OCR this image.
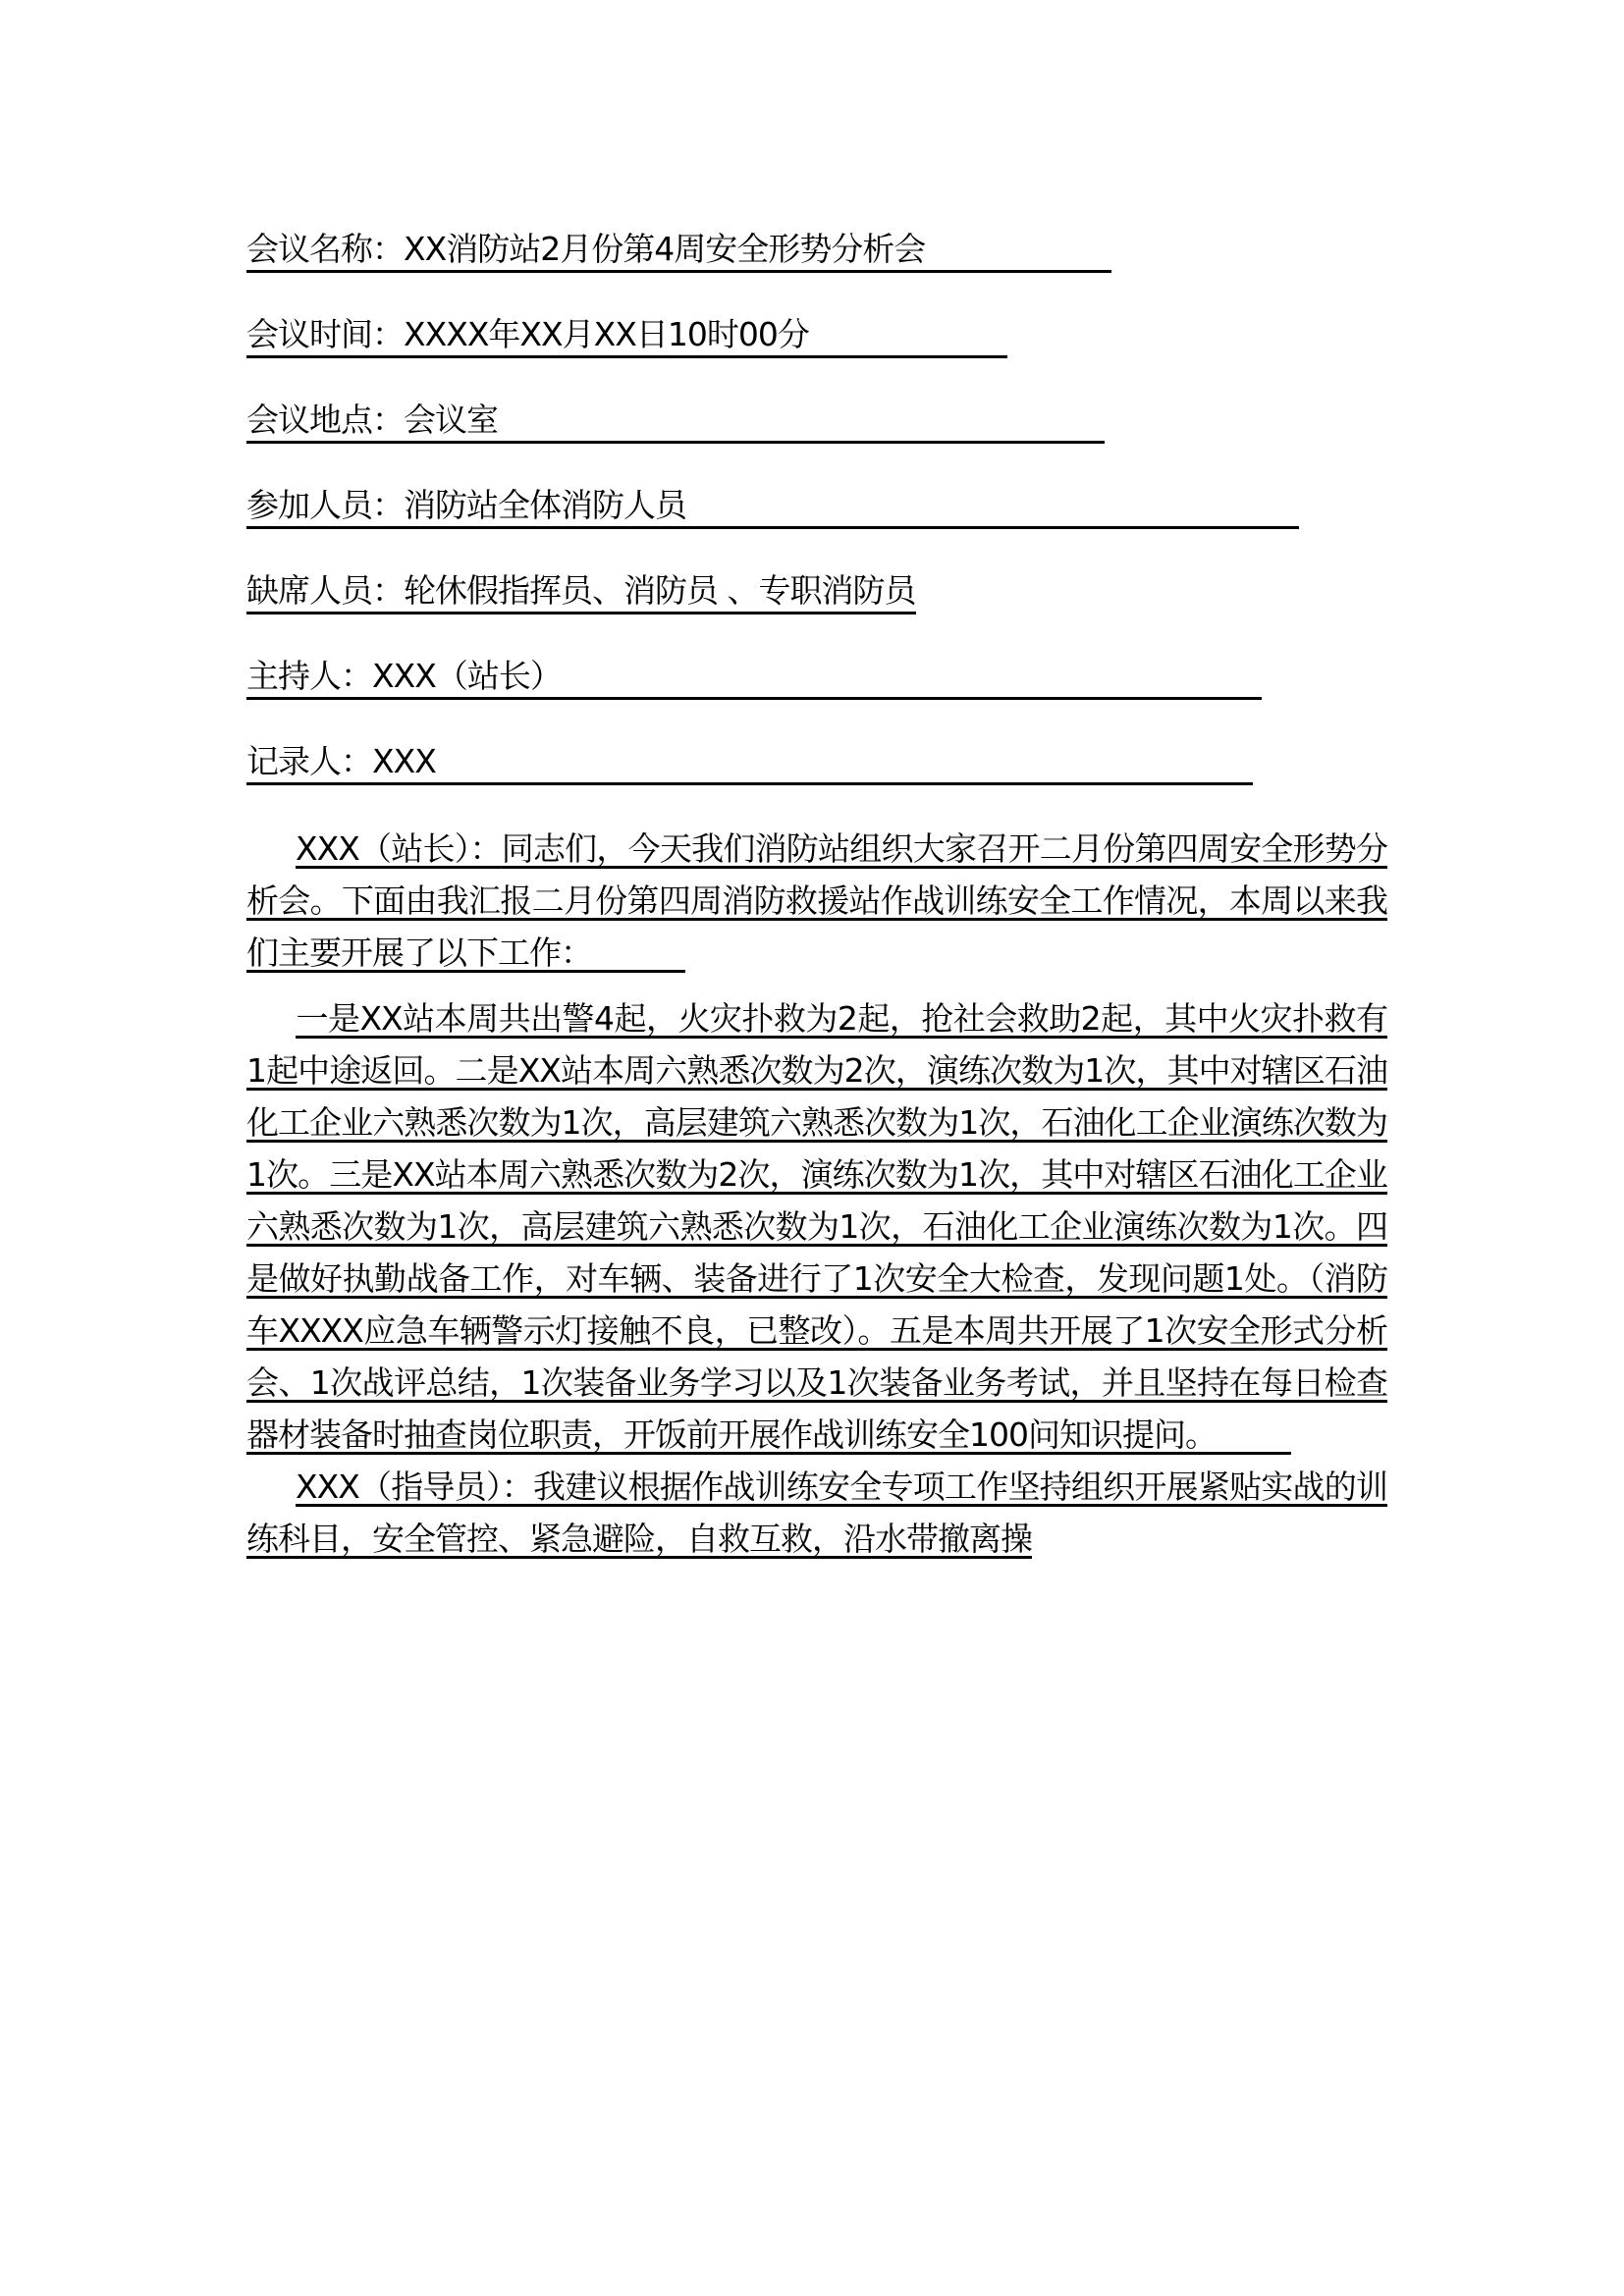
会议名称：XX消防站2月份第4周安全形势分析会
会议时间：XXXX年XX月XX日10时00分
会议地点：会议室
参加人员：消防站全体消防人员
缺席人员：轮休假指挥员、消防员 、专职消防员
主持人：XXX（站长）
记录人：XXX

XXX（站长）：同志们，今天我们消防站组织大家召开二月份第四周安全形势分析会。下面由我汇报二月份第四周消防救援站作战训练安全工作情况，本周以来我们主要开展了以下工作：

一是XX站本周共出警4起，火灾扑救为2起，抢社会救助2起，其中火灾扑救有1起中途返回。二是XX站本周六熟悉次数为2次，演练次数为1次，其中对辖区石油化工企业六熟悉次数为1次，高层建筑六熟悉次数为1次，石油化工企业演练次数为1次。三是XX站本周六熟悉次数为2次，演练次数为1次，其中对辖区石油化工企业六熟悉次数为1次，高层建筑六熟悉次数为1次，石油化工企业演练次数为1次。四是做好执勤战备工作，对车辆、装备进行了1次安全大检查，发现问题1处。（消防车XXXX应急车辆警示灯接触不良，已整改）。五是本周共开展了1次安全形式分析会、1次战评总结，1次装备业务学习以及1次装备业务考试，并且坚持在每日检查器材装备时抽查岗位职责，开饭前开展作战训练安全100问知识提问。

XXX（指导员）：我建议根据作战训练安全专项工作坚持组织开展紧贴实战的训练科目，安全管控、紧急避险，自救互救，沿水带撤离操
